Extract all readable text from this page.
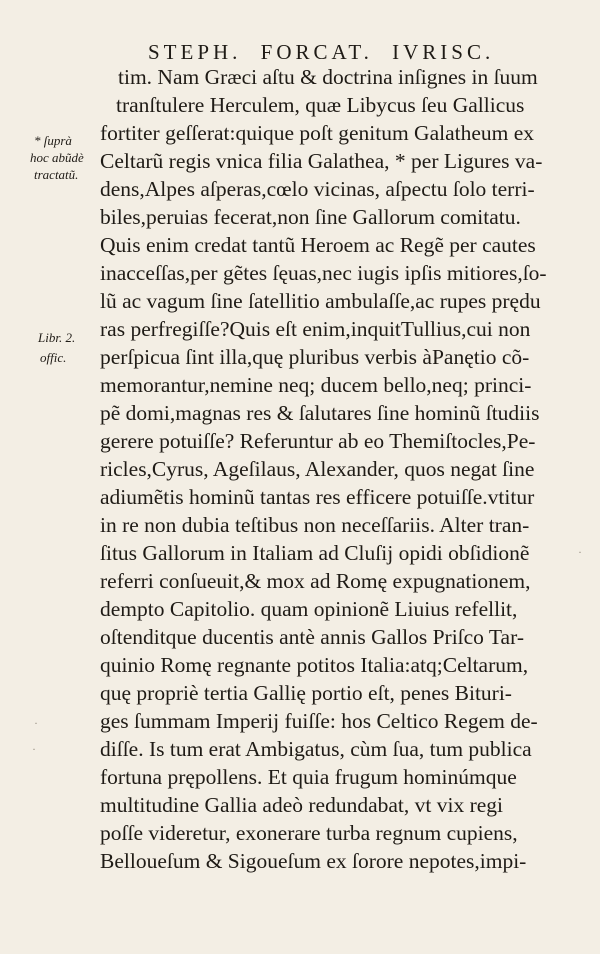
STEPH. FORCAT. IVRISC.
* ſuprà
hoc abũdè
tractatũ.
Libr. 2.
offic.
·
·
·
tim. Nam Græci aſtu & doctrina inſignes in ſuum
tranſtulere Herculem, quæ Libycus ſeu Gallicus
fortiter geſſerat:quique poſt genitum Galatheum ex
Celtarũ regis vnica filia Galathea, * per Ligures va-
dens,Alpes aſperas,cœlo vicinas, aſpectu ſolo terri-
biles,peruias fecerat,non ſine Gallorum comitatu.
Quis enim credat tantũ Heroem ac Regẽ per cautes
inacceſſas,per gẽtes ſęuas,nec iugis ipſis mitiores,ſo-
lũ ac vagum ſine ſatellitio ambulaſſe,ac rupes prędu
ras perfregiſſe?Quis eſt enim,inquitTullius,cui non
perſpicua ſint illa,quę pluribus verbis àPanętio cõ-
memorantur,nemine neq; ducem bello,neq; princi-
pẽ domi,magnas res & ſalutares ſine hominũ ſtudiis
gerere potuiſſe? Referuntur ab eo Themiſtocles,Pe-
ricles,Cyrus, Ageſilaus, Alexander, quos negat ſine
adiumẽtis hominũ tantas res efficere potuiſſe.vtitur
in re non dubia teſtibus non neceſſariis. Alter tran-
ſitus Gallorum in Italiam ad Cluſij opidi obſidionẽ
referri conſueuit,& mox ad Romę expugnationem,
dempto Capitolio. quam opinionẽ Liuius refellit,
oſtenditque ducentis antè annis Gallos Priſco Tar-
quinio Romę regnante potitos Italia:atq;Celtarum,
quę propriè tertia Gallię portio eſt, penes Bituri-
ges ſummam Imperij fuiſſe: hos Celtico Regem de-
diſſe. Is tum erat Ambigatus, cùm ſua, tum publica
fortuna prępollens. Et quia frugum hominúmque
multitudine Gallia adeò redundabat, vt vix regi
poſſe videretur, exonerare turba regnum cupiens,
Belloueſum & Sigoueſum ex ſorore nepotes,impi-
